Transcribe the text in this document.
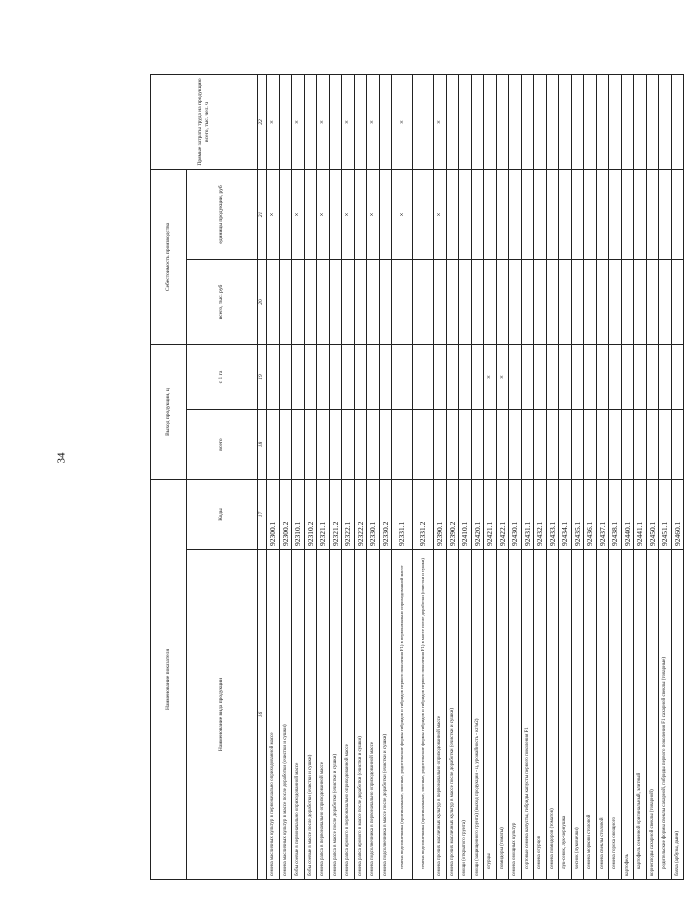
34
Наименование показателя		Выход продукции, ц		Себестоимость производства		Прямые затраты труда на продукцию всего, тыс. чел. ч	
Наименование вида продукции	Коды	всего	с 1 га	всего, тыс. руб	единицы продукции, руб		
16	17	18	19	20	21	22	
семена масличных культур в первоначально оприходованной массе	92300.1				×	×	
семена масличных культур в массе после доработки (очистки и сушки)	92300.2						
бобы соевые в первоначально оприходованной массе	92310.1				×	×	
бобы соевые в массе после доработки (очистки и сушки)	92310.2						
семена рапса в первоначально оприходованной массе	92321.1				×	×	
семена рапса в массе после доработки (очистки и сушки)	92321.2						
семена рапса ярового в первоначально оприходованной массе	92322.1				×	×	
семена рапса ярового в массе после доработки (очистки и сушки)	92322.2						
семена подсолнечника в первоначально оприходованной массе	92330.1				×	×	
семена подсолнечника в массе после доработки (очистки и сушки)	92330.2						
семена подсолнечника (оригинальные, элитные, родительские формы гибридов и гибридов первого поколения F1) в первоначально оприходованной массе	92331.1				×	×	
семена подсолнечника (оригинальные, элитные, родительские формы гибридов и гибридов первого поколения F1) в массе после доработки (очистки и сушки)	92331.2						
семена прочих масличных культур в первоначально оприходованной массе	92390.1				×	×	
семена прочих масличных культур в массе после доработки (очистки и сушки)	92390.2						
овощи (открытого грунта)	92410.1						
овощи (защищенного грунта) (выход продукции - ц, урожайность - кг/м2)	92420.1						
огурцы	92421.1		×				
помидоры (томаты)	92422.1		×				
семена овощных культур	92430.1						
сортовые семена капусты, гибриды капусты первого поколения F1	92431.1						
семена огурцов	92432.1						
семена помидоров (томатов)	92433.1						
лук-севок, лук-чернушка	92434.1						
чеснок (луковички)	92435.1						
семена моркови столовой	92436.1						
семена свеклы столовой	92437.1						
семена гороха овощного	92438.1						
картофель	92440.1						
картофель семенной оригинальный, элитный	92441.1						
корнеплоды сахарной свеклы (товарной)	92450.1						
родительские формы свеклы сахарной, гибриды первого поколения F1 сахарной свеклы (товарные)	92451.1						
бахча (арбузы, дыни)	92460.1						
